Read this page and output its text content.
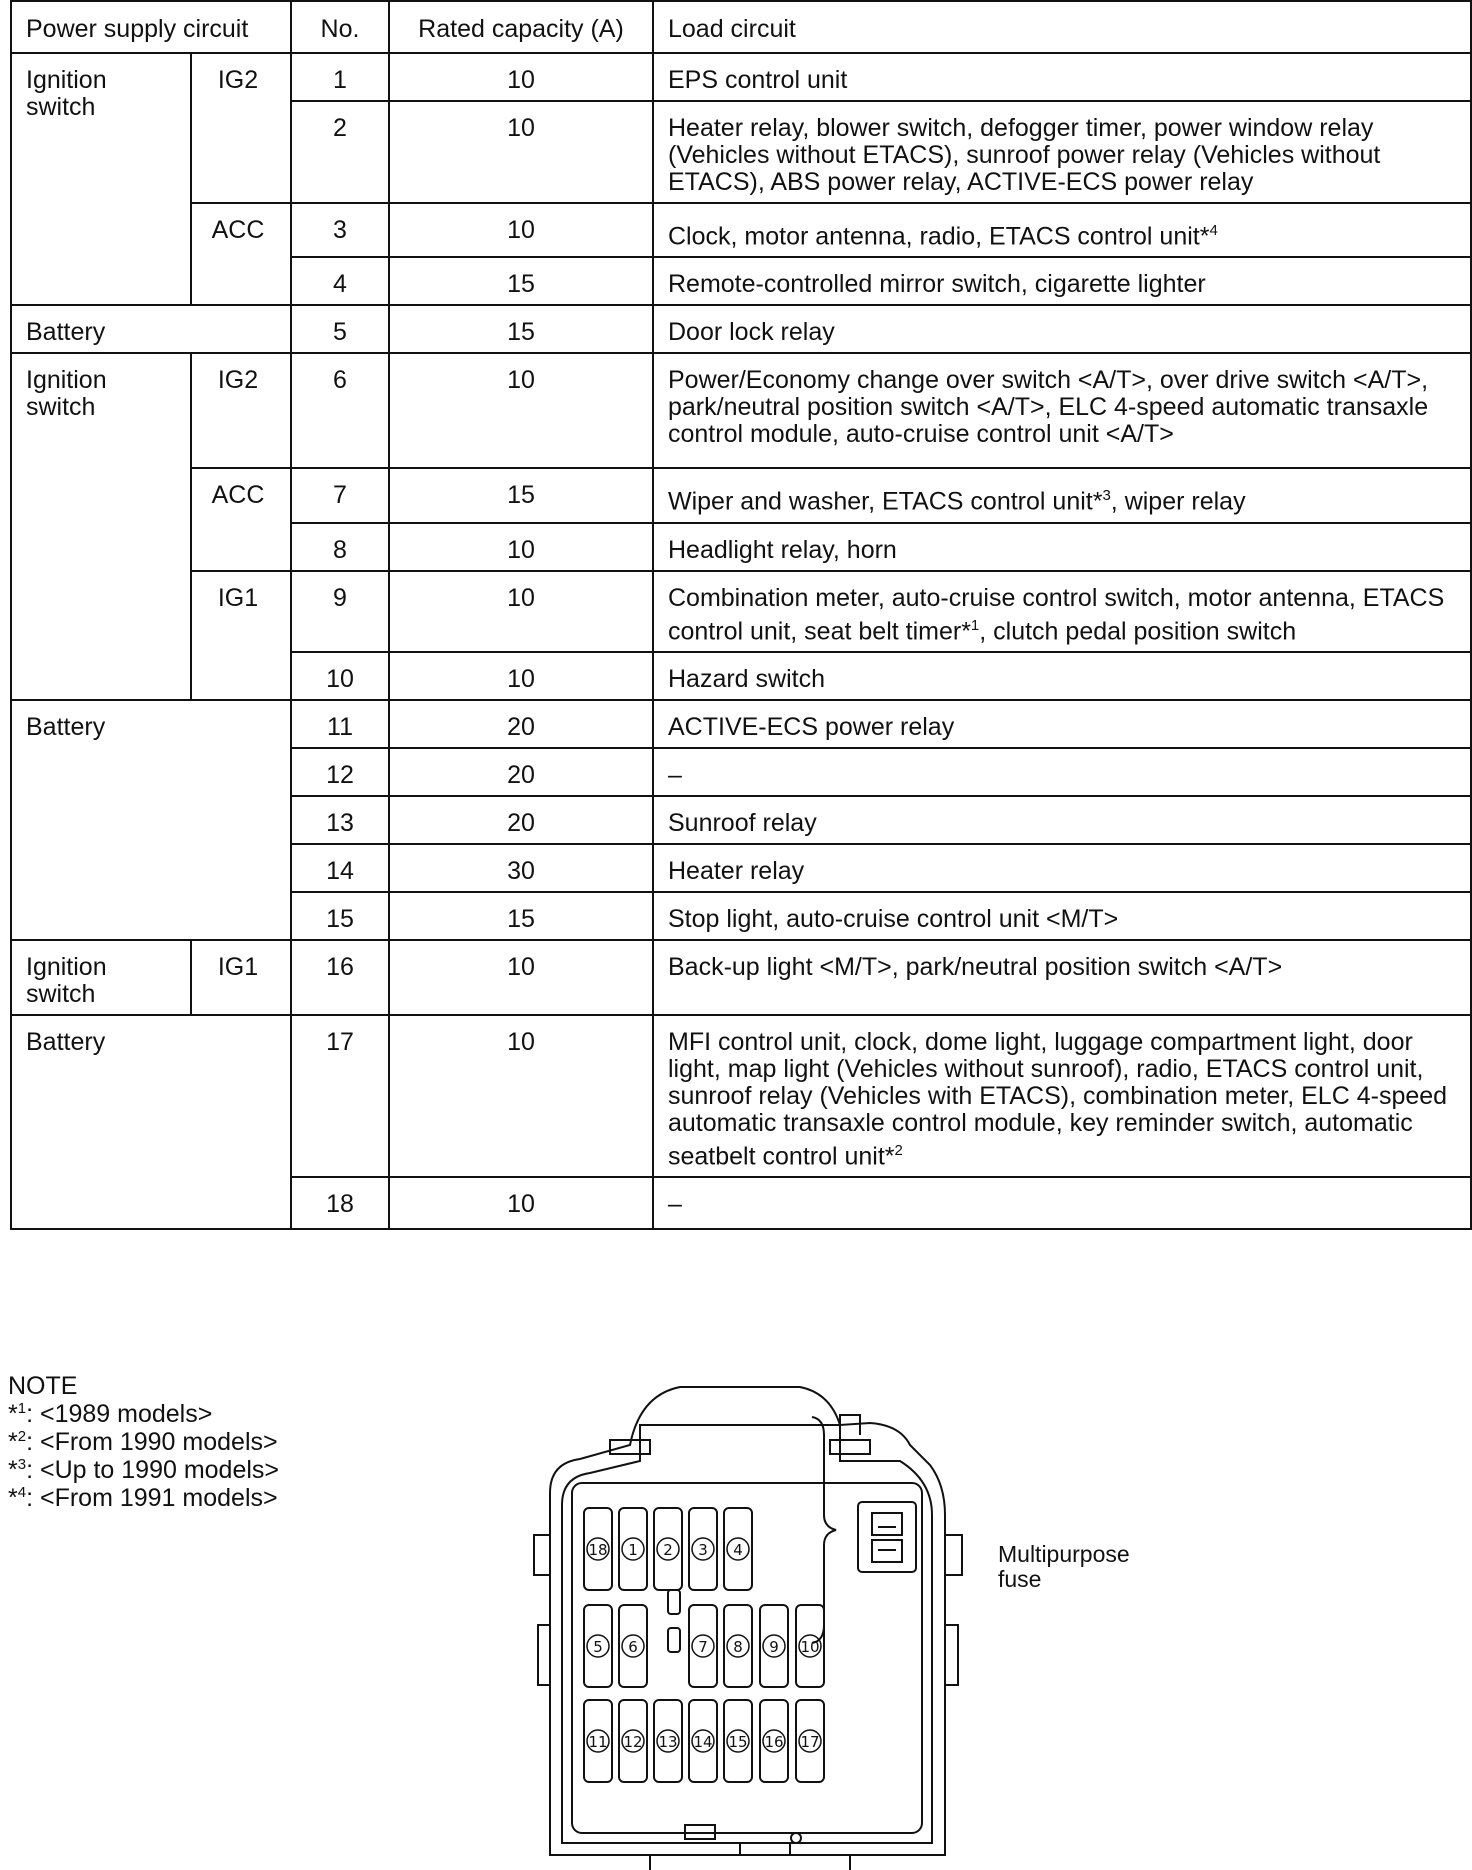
Power supply circuit		No.	Rated capacity (A)	Load circuit

Ignition
switch	IG2	1	10	EPS control unit
		2	10	Heater relay, blower switch, defogger timer, power window relay (Vehicles without ETACS), sunroof power relay (Vehicles without ETACS), ABS power relay, ACTIVE-ECS power relay
	ACC	3	10	Clock, motor antenna, radio, ETACS control unit*$^4$
		4	15	Remote-controlled mirror switch, cigarette lighter

Battery		5	15	Door lock relay

Ignition
switch	IG2	6	10	Power/Economy change over switch <A/T>, over drive switch <A/T>, park/neutral position switch <A/T>, ELC 4-speed automatic transaxle control module, auto-cruise control unit <A/T>
	ACC	7	15	Wiper and washer, ETACS control unit*$^3$, wiper relay
		8	10	Headlight relay, horn
	IG1	9	10	Combination meter, auto-cruise control switch, motor antenna, ETACS control unit, seat belt timer*$^1$, clutch pedal position switch
		10	10	Hazard switch

Battery		11	20	ACTIVE-ECS power relay
		12	20	–
		13	20	Sunroof relay
		14	30	Heater relay
		15	15	Stop light, auto-cruise control unit <M/T>

Ignition
switch	IG1	16	10	Back-up light <M/T>, park/neutral position switch <A/T>

Battery		17	10	MFI control unit, clock, dome light, luggage compartment light, door light, map light (Vehicles without sunroof), radio, ETACS control unit, sunroof relay (Vehicles with ETACS), combination meter, ELC 4-speed automatic transaxle control module, key reminder switch, automatic seatbelt control unit*$^2$
		18	10	–
NOTE
*$^1$: <1989 models>
*$^2$: <From 1990 models>
*$^3$: <Up to 1990 models>
*$^4$: <From 1991 models>
18 1 2 3 4
5 6	7 8 9 10
11 12 13 14 15 16 17
Multipurpose
fuse
